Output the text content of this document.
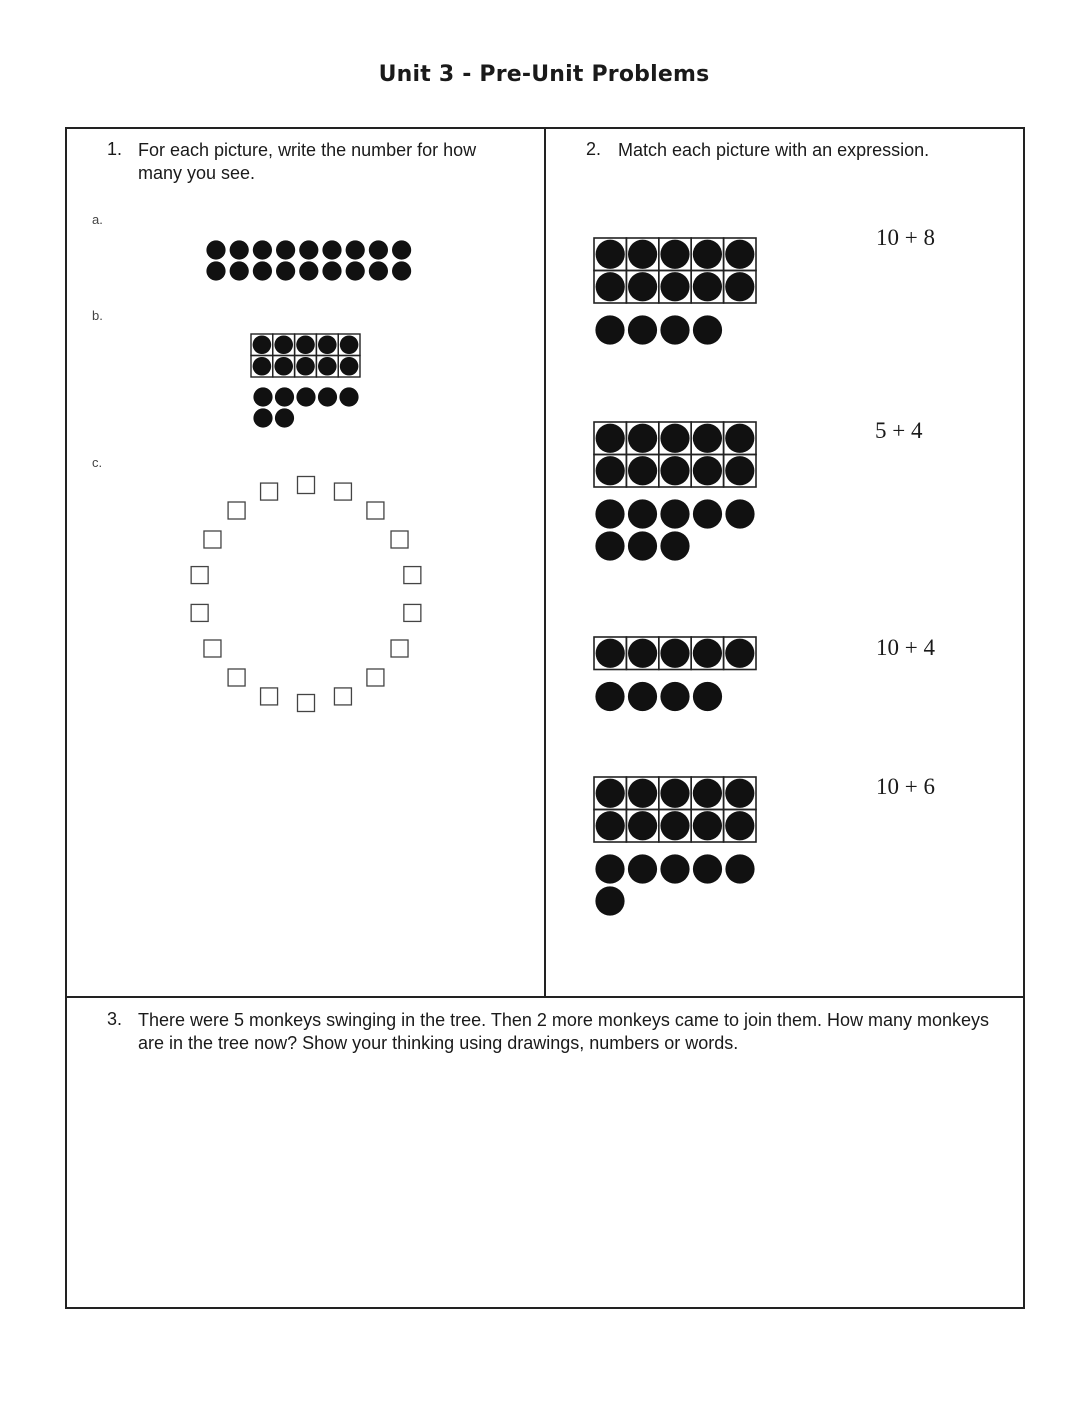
Unit 3 - Pre-Unit Problems
1. For each picture, write the number for how many you see.
a.
b.
c.
2. Match each picture with an expression.
10 + 8
5 + 4
10 + 4
10 + 6
3. There were 5 monkeys swinging in the tree. Then 2 more monkeys came to join them. How many monkeys are in the tree now? Show your thinking using drawings, numbers or words.
